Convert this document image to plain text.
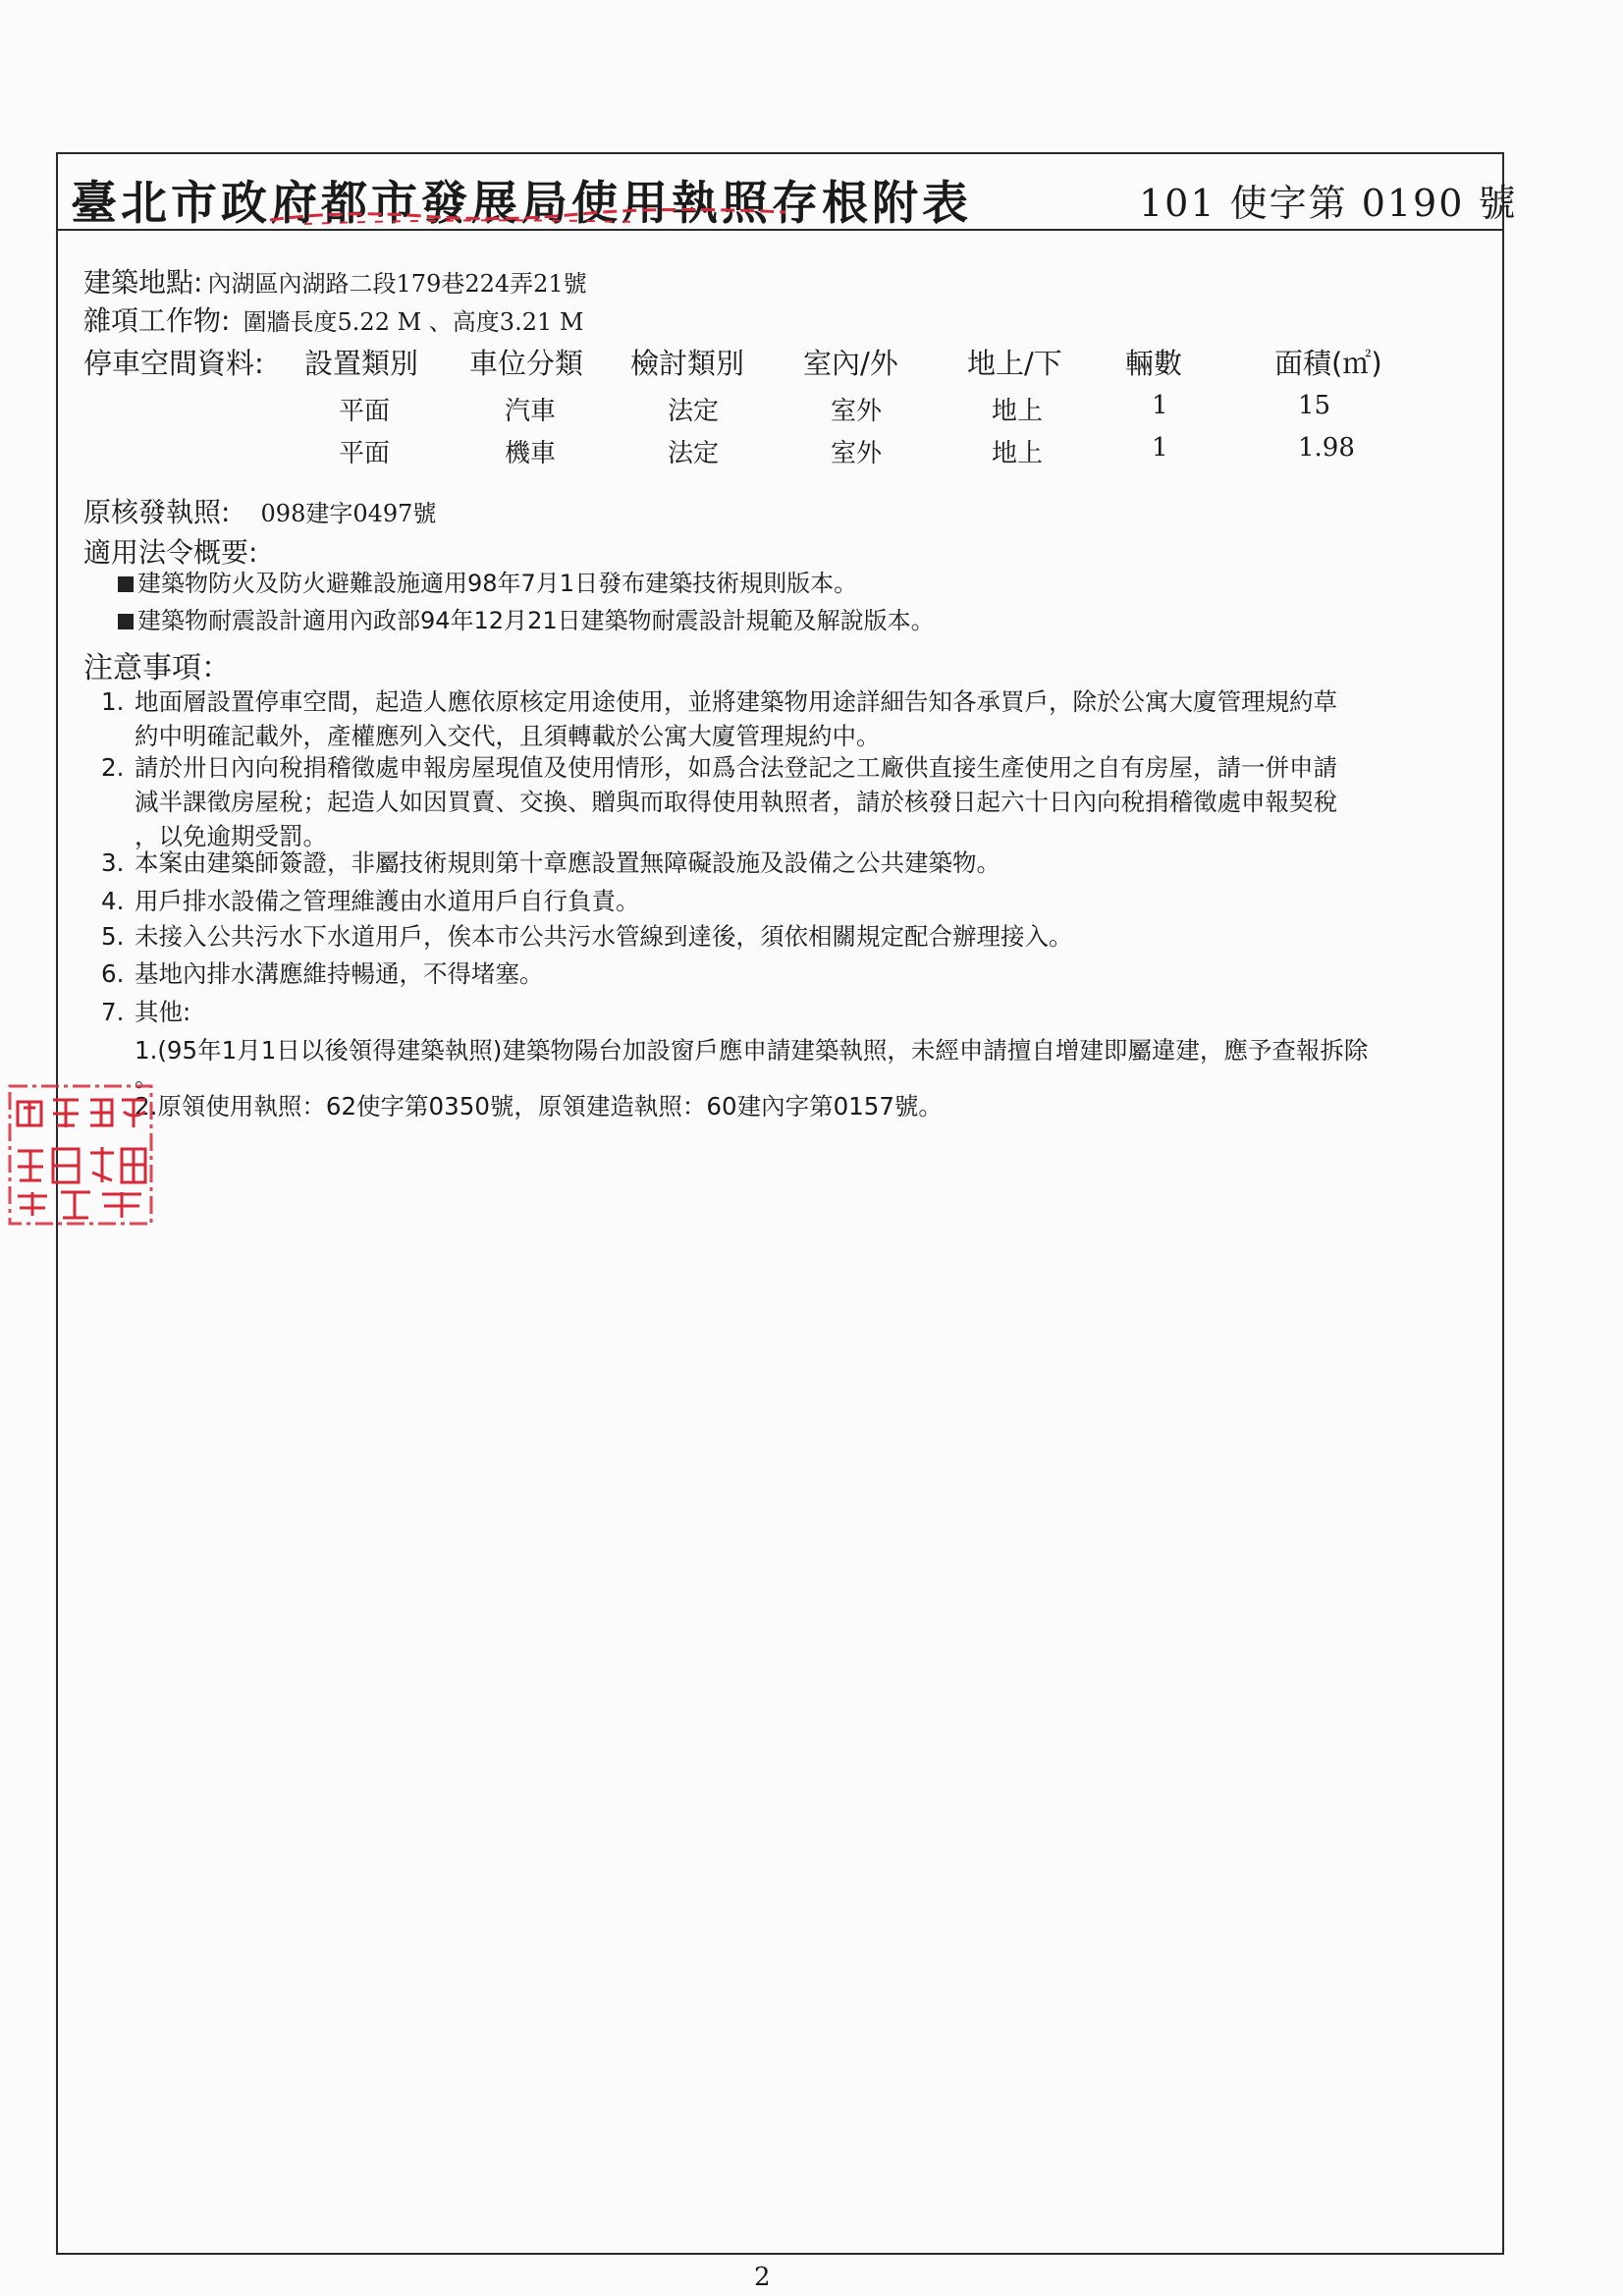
臺北市政府都市發展局使用執照存根附表	101 使字第 0190 號
建築地點: 內湖區內湖路二段179巷224弄21號
雜項工作物: 圍牆長度5.22 M 、高度3.21 M
停車空間資料: 設置類別 車位分類 檢討類別 室內/外 地上/下 輛數	面積(㎡)
平面	汽車	法定	室外	地上	1	15
平面	機車	法定	室外	地上	1	1.98
原核發執照: 098建字0497號
適用法令概要:
建築物防火及防火避難設施適用98年7月1日發布建築技術規則版本。
建築物耐震設計適用內政部94年12月21日建築物耐震設計規範及解說版本。
注意事項：
1. 地面層設置停車空間，起造人應依原核定用途使用，並將建築物用途詳細告知各承買戶，除於公寓大廈管理規約草
約中明確記載外，產權應列入交代，且須轉載於公寓大廈管理規約中。
2. 請於卅日內向稅捐稽徵處申報房屋現值及使用情形，如爲合法登記之工廠供直接生產使用之自有房屋，請一併申請
減半課徵房屋稅；起造人如因買賣、交換、贈與而取得使用執照者，請於核發日起六十日內向稅捐稽徵處申報契稅
，以免逾期受罰。
3. 本案由建築師簽證，非屬技術規則第十章應設置無障礙設施及設備之公共建築物。
4. 用戶排水設備之管理維護由水道用戶自行負責。
5. 未接入公共污水下水道用戶，俟本市公共污水管線到達後，須依相關規定配合辦理接入。
6. 基地內排水溝應維持暢通，不得堵塞。
7. 其他:
1.(95年1月1日以後領得建築執照)建築物陽台加設窗戶應申請建築執照，未經申請擅自增建即屬違建，應予查報拆除
。
2.原領使用執照：62使字第0350號，原領建造執照：60建內字第0157號。
2
